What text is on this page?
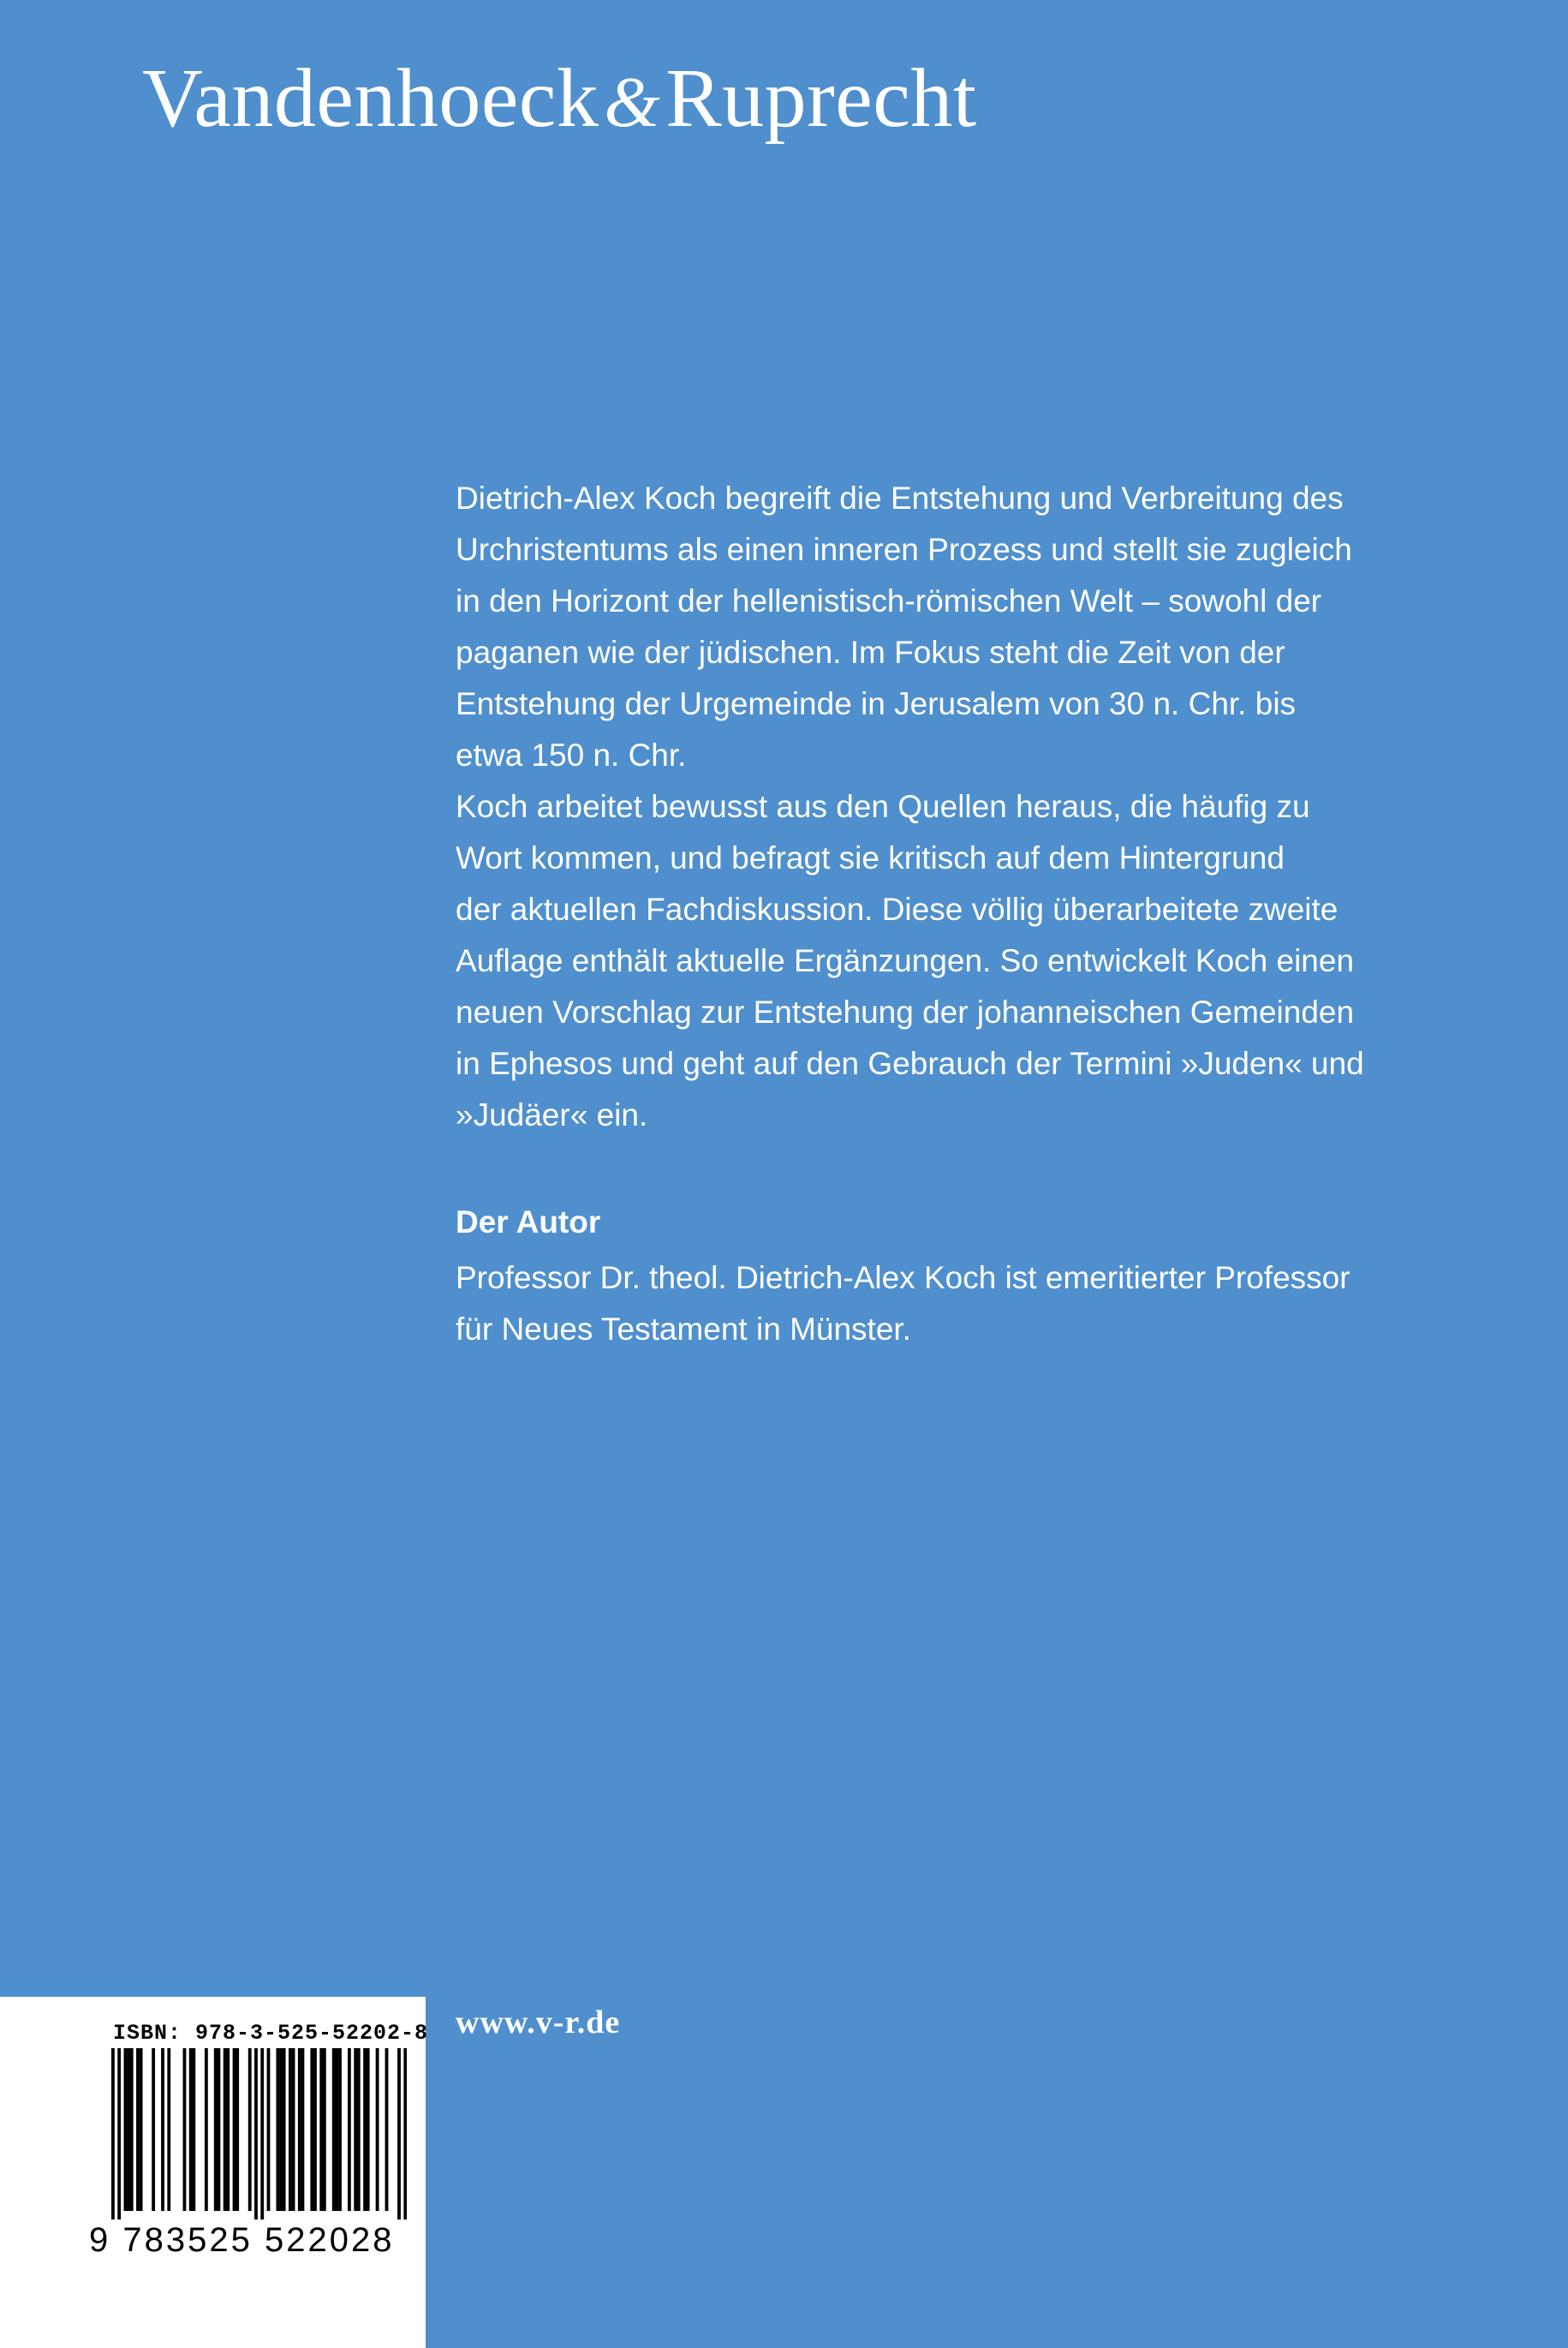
Vandenhoeck&Ruprecht

Dietrich-Alex Koch begreift die Entstehung und Verbreitung des
Urchristentums als einen inneren Prozess und stellt sie zugleich
in den Horizont der hellenistisch-römischen Welt – sowohl der
paganen wie der jüdischen. Im Fokus steht die Zeit von der
Entstehung der Urgemeinde in Jerusalem von 30 n. Chr. bis
etwa 150 n. Chr.

Koch arbeitet bewusst aus den Quellen heraus, die häufig zu
Wort kommen, und befragt sie kritisch auf dem Hintergrund
der aktuellen Fachdiskussion. Diese völlig überarbeitete zweite
Auflage enthält aktuelle Ergänzungen. So entwickelt Koch einen
neuen Vorschlag zur Entstehung der johanneischen Gemeinden
in Ephesos und geht auf den Gebrauch der Termini »Juden« und
»Judäer« ein.

Der Autor

Professor Dr. theol. Dietrich-Alex Koch ist emeritierter Professor
für Neues Testament in Münster.

www.v-r.de
ISBN: 978-3-525-52202-8
9 783525 522028
